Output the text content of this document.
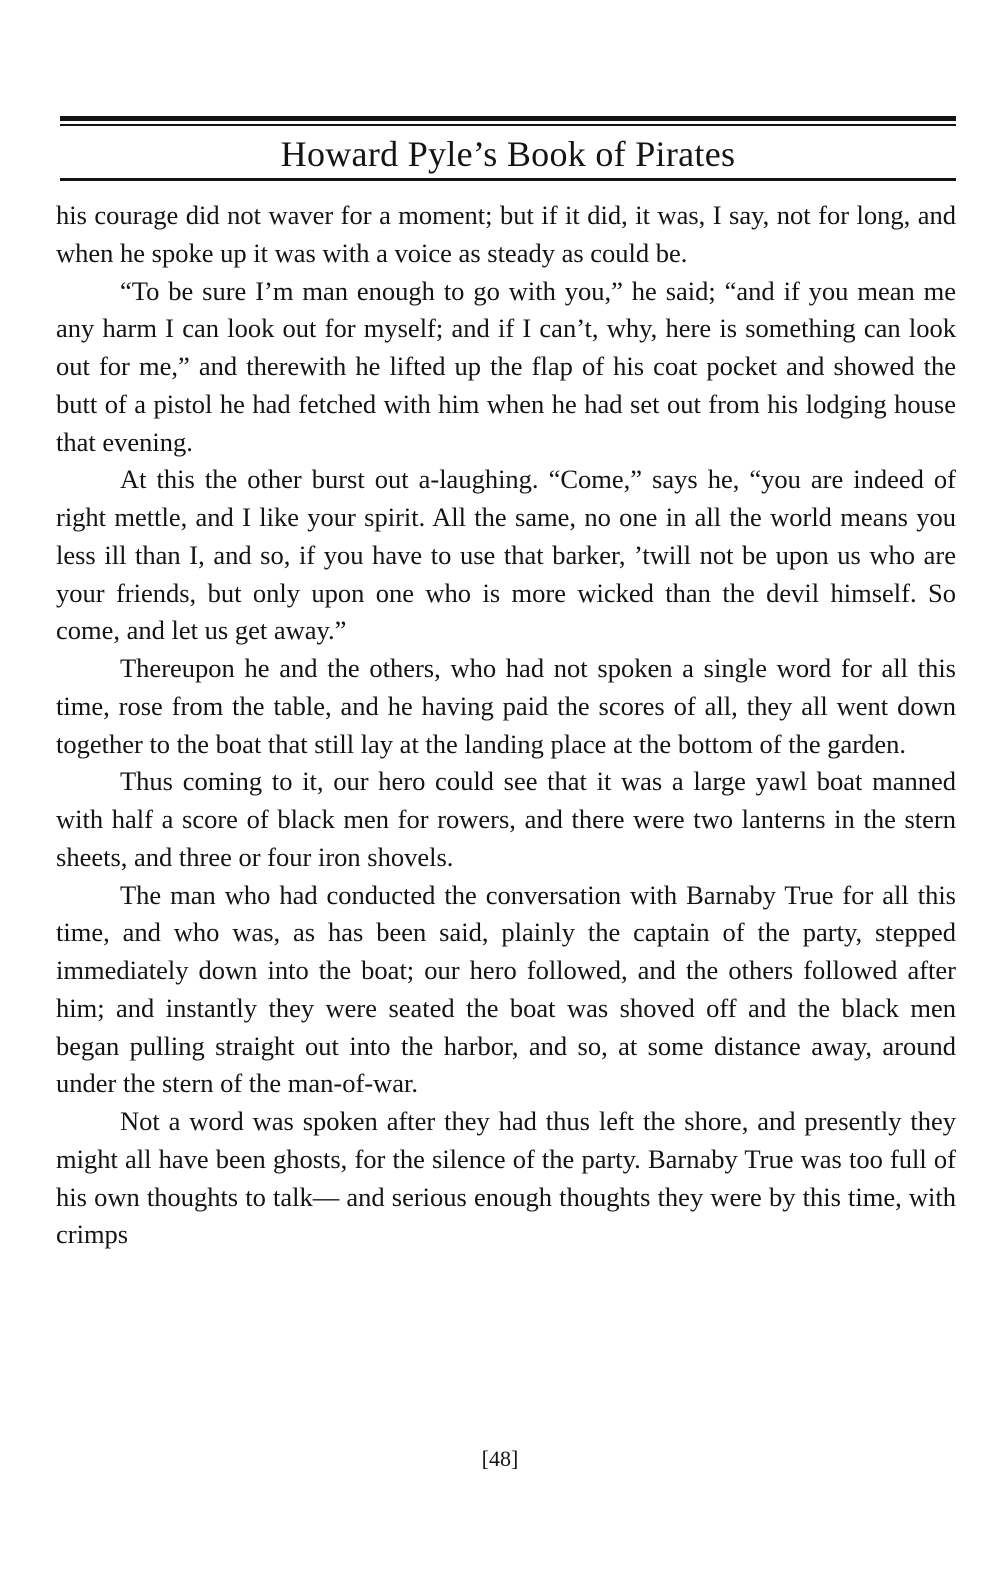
Howard Pyle’s Book of Pirates

his courage did not waver for a moment; but if it did, it was, I say, not for long, and when he spoke up it was with a voice as steady as could be.

“To be sure I’m man enough to go with you,” he said; “and if you mean me any harm I can look out for myself; and if I can’t, why, here is something can look out for me,” and therewith he lifted up the flap of his coat pocket and showed the butt of a pistol he had fetched with him when he had set out from his lodging house that evening.

At this the other burst out a-laughing. “Come,” says he, “you are indeed of right mettle, and I like your spirit. All the same, no one in all the world means you less ill than I, and so, if you have to use that barker, ’twill not be upon us who are your friends, but only upon one who is more wicked than the devil himself. So come, and let us get away.”

Thereupon he and the others, who had not spoken a single word for all this time, rose from the table, and he having paid the scores of all, they all went down together to the boat that still lay at the landing place at the bottom of the garden.

Thus coming to it, our hero could see that it was a large yawl boat manned with half a score of black men for rowers, and there were two lanterns in the stern sheets, and three or four iron shovels.

The man who had conducted the conversation with Barnaby True for all this time, and who was, as has been said, plainly the captain of the party, stepped immediately down into the boat; our hero followed, and the others followed after him; and instantly they were seated the boat was shoved off and the black men began pulling straight out into the harbor, and so, at some distance away, around under the stern of the man-of-war.

Not a word was spoken after they had thus left the shore, and presently they might all have been ghosts, for the silence of the party. Barnaby True was too full of his own thoughts to talk— and serious enough thoughts they were by this time, with crimps

[48]
